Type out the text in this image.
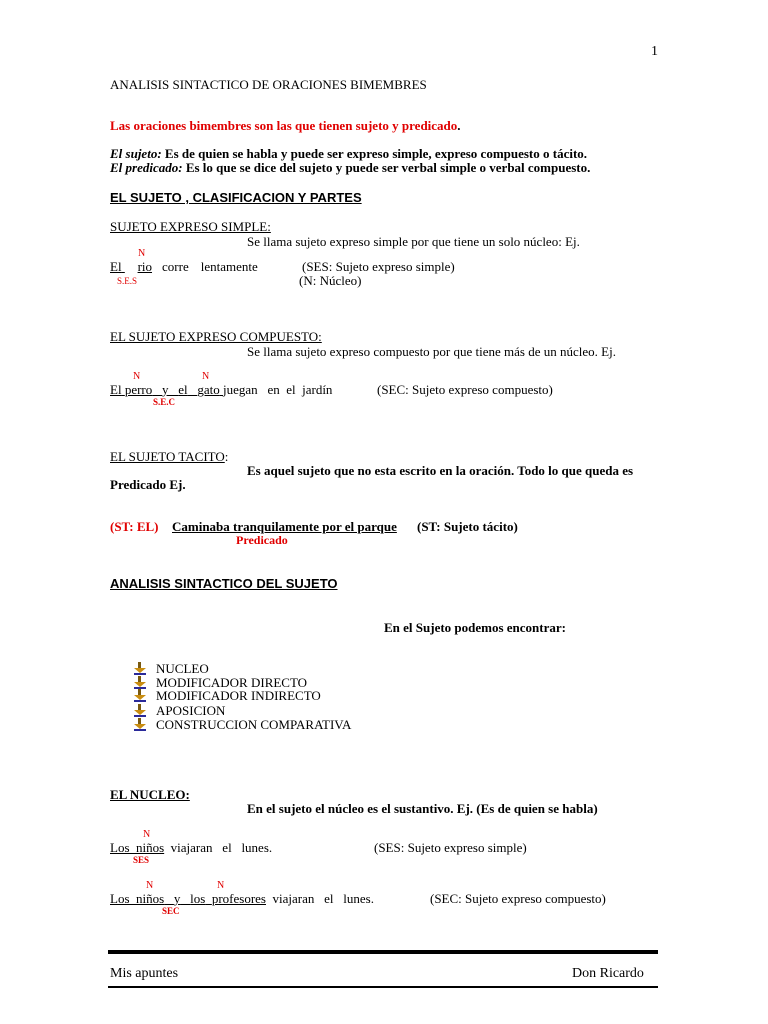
1
ANALISIS SINTACTICO DE ORACIONES BIMEMBRES
Las oraciones bimembres son las que tienen sujeto y predicado.
El sujeto: Es de quien se habla y puede ser expreso simple, expreso compuesto o tácito.
El predicado: Es lo que se dice del sujeto y puede ser verbal simple o verbal compuesto.
EL SUJETO , CLASIFICACION Y PARTES
SUJETO EXPRESO SIMPLE:
Se llama sujeto expreso simple por que tiene un solo núcleo: Ej.
N
El rio corre lentamente	(SES: Sujeto expreso simple)
S.E.S	(N: Núcleo)
EL SUJETO EXPRESO COMPUESTO:
Se llama sujeto expreso compuesto por que tiene más de un núcleo. Ej.
N	N
El perro y el gato juegan en el jardín	(SEC: Sujeto expreso compuesto)
S.E.C
EL SUJETO TACITO:
Es aquel sujeto que no esta escrito en la oración. Todo lo que queda es
Predicado Ej.
(ST: EL) Caminaba tranquilamente por el parque (ST: Sujeto tácito)
Predicado
ANALISIS SINTACTICO DEL SUJETO
En el Sujeto podemos encontrar:
NUCLEO
MODIFICADOR DIRECTO
MODIFICADOR INDIRECTO
APOSICION
CONSTRUCCION COMPARATIVA
EL NUCLEO:
En el sujeto el núcleo es el sustantivo. Ej. (Es de quien se habla)
N
Los niños viajaran el lunes.	(SES: Sujeto expreso simple)
SES
N	N
Los niños y los profesores viajaran el lunes.	(SEC: Sujeto expreso compuesto)
SEC
Mis apuntes	Don Ricardo
